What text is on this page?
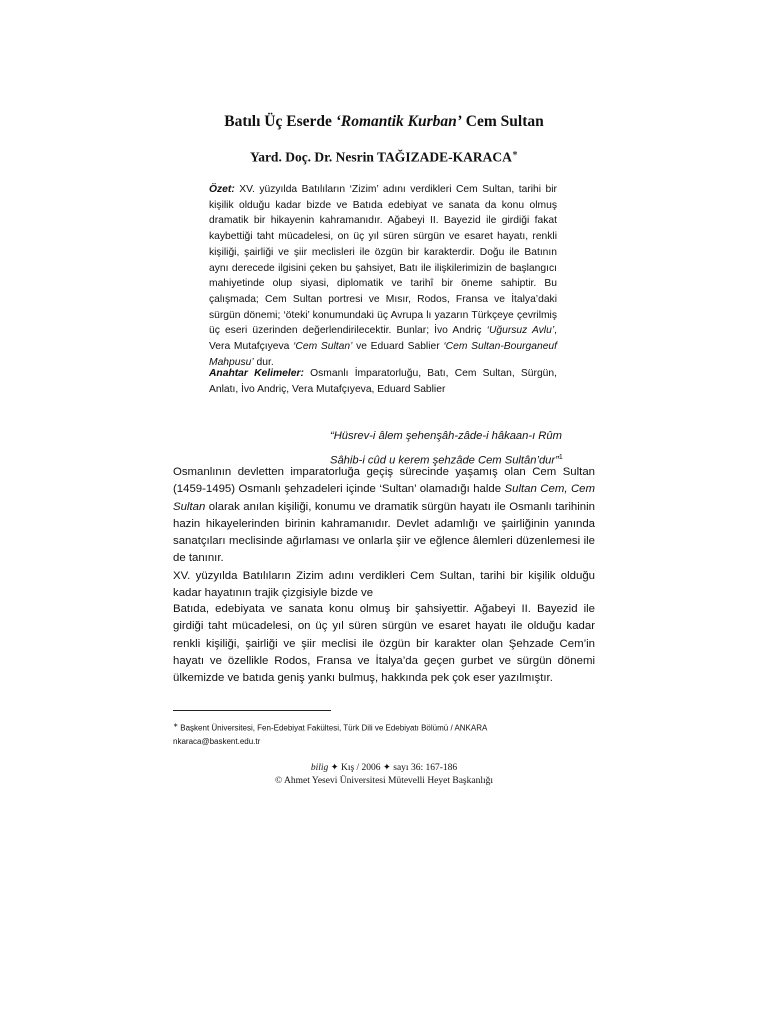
Batılı Üç Eserde ‘Romantik Kurban’ Cem Sultan
Yard. Doç. Dr. Nesrin TAĞIZADE-KARACA∗
Özet: XV. yüzyılda Batılıların ‘Zizim’ adını verdikleri Cem Sultan, tarihi bir kişilik olduğu kadar bizde ve Batıda edebiyat ve sanata da konu olmuş dramatik bir hikayenin kahramanıdır. Ağabeyi II. Bayezid ile girdiği fakat kaybettiği taht mücadelesi, on üç yıl süren sürgün ve esaret hayatı, renkli kişiliği, şairliği ve şiir meclisleri ile özgün bir karakterdir. Doğu ile Batının aynı derecede ilgisini çeken bu şahsiyet, Batı ile ilişkilerimizin de başlangıcı mahiyetinde olup siyasi, diplomatik ve tarihî bir öneme sahiptir. Bu çalışmada; Cem Sultan portresi ve Mısır, Rodos, Fransa ve İtalya’daki sürgün dönemi; ‘öteki’ konumundaki üç Avrupa lı yazarın Türkçeye çevrilmiş üç eseri üzerinden değerlendirilecektir. Bunlar; İvo Andriç ‘Uğursuz Avlu’, Vera Mutafçıyeva ‘Cem Sultan’ ve Eduard Sablier ‘Cem Sultan-Bourganeuf Mahpusu’ dur.
Anahtar Kelimeler: Osmanlı İmparatorluğu, Batı, Cem Sultan, Sürgün, Anlatı, İvo Andriç, Vera Mutafçıyeva, Eduard Sablier
“Hüsrev-i âlem şehenşâh-zâde-i hâkaan-ı Rûm
Sâhib-i cûd u kerem şehzâde Cem Sultân’dur”$^1$
Osmanlının devletten imparatorluğa geçiş sürecinde yaşamış olan Cem Sultan (1459-1495) Osmanlı şehzadeleri içinde ‘Sultan’ olamadığı halde Sultan Cem, Cem Sultan olarak anılan kişiliği, konumu ve dramatik sürgün hayatı ile Osmanlı tarihinin hazin hikayelerinden birinin kahramanıdır. Devlet adamlığı ve şairliğinin yanında sanatçıları meclisinde ağırlaması ve onlarla şiir ve eğlence âlemleri düzenlemesi ile de tanınır.
XV. yüzyılda Batılıların Zizim adını verdikleri Cem Sultan, tarihi bir kişilik olduğu kadar hayatının trajik çizgisiyle bizde ve
Batıda, edebiyata ve sanata konu olmuş bir şahsiyettir. Ağabeyi II. Bayezid ile girdiği taht mücadelesi, on üç yıl süren sürgün ve esaret hayatı ile olduğu kadar renkli kişiliği, şairliği ve şiir meclisi ile özgün bir karakter olan Şehzade Cem’in hayatı ve özellikle Rodos, Fransa ve İtalya’da geçen gurbet ve sürgün dönemi ülkemizde ve batıda geniş yankı bulmuş, hakkında pek çok eser yazılmıştır.
∗ Başkent Üniversitesi, Fen-Edebiyat Fakültesi, Türk Dili ve Edebiyatı Bölümü / ANKARA
nkaraca@baskent.edu.tr
bilig ✦ Kış / 2006 ✦ sayı 36: 167-186
© Ahmet Yesevi Üniversitesi Mütevelli Heyet Başkanlığı
